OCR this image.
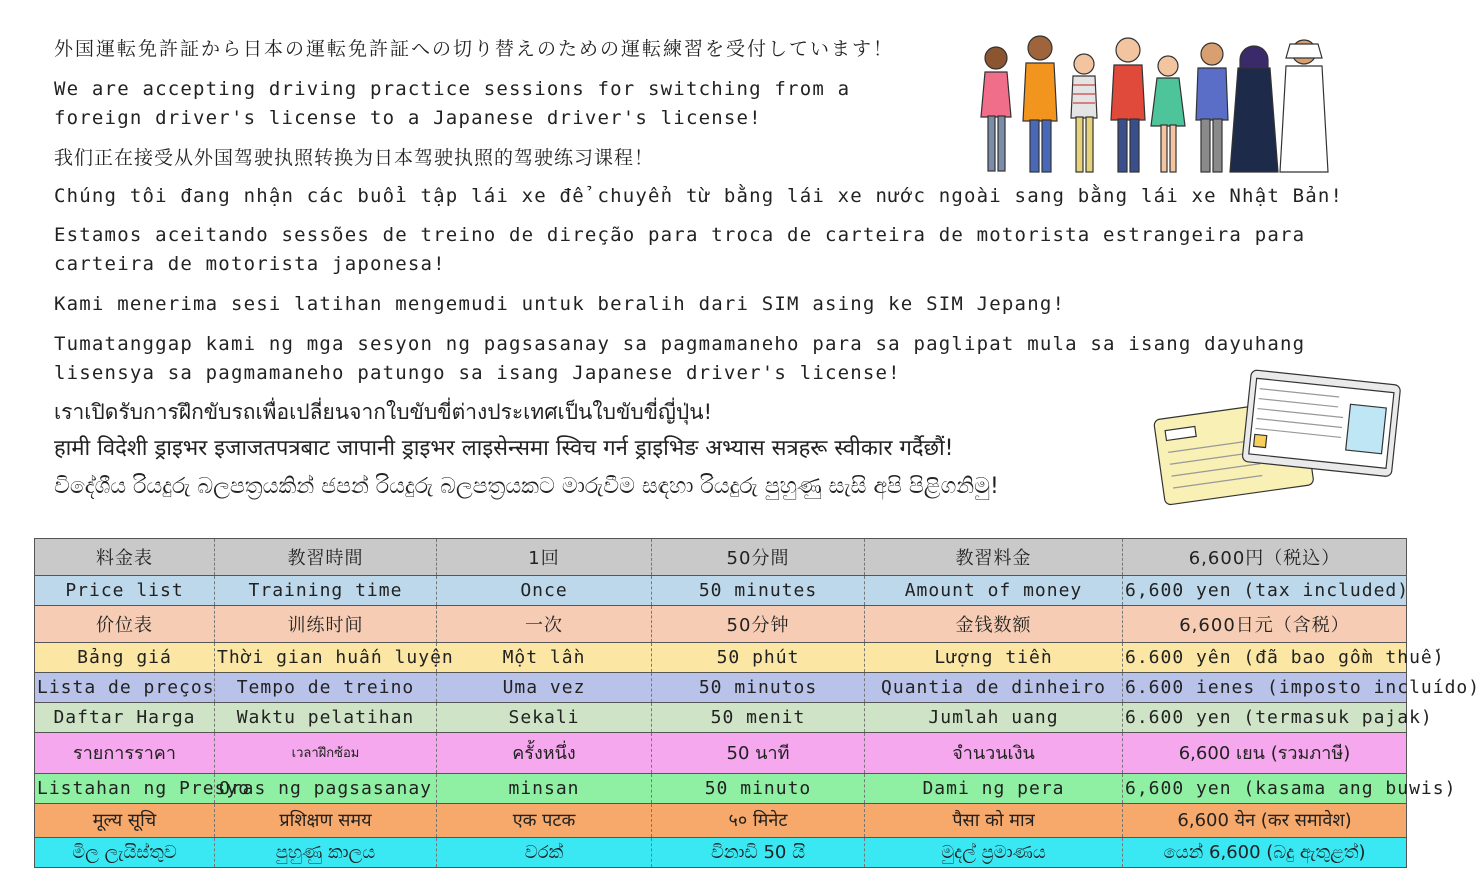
外国運転免許証から日本の運転免許証への切り替えのための運転練習を受付しています！
We are accepting driving practice sessions for switching from a foreign driver's license to a Japanese driver's license!
我们正在接受从外国驾驶执照转换为日本驾驶执照的驾驶练习课程！
Chúng tôi đang nhận các buổi tập lái xe để chuyển từ bằng lái xe nước ngoài sang bằng lái xe Nhật Bản!
Estamos aceitando sessões de treino de direção para troca de carteira de motorista estrangeira para carteira de motorista japonesa!
Kami menerima sesi latihan mengemudi untuk beralih dari SIM asing ke SIM Jepang!
Tumatanggap kami ng mga sesyon ng pagsasanay sa pagmamaneho para sa paglipat mula sa isang dayuhang lisensya sa pagmamaneho patungo sa isang Japanese driver's license!
เราเปิดรับการฝึกขับรถเพื่อเปลี่ยนจากใบขับขี่ต่างประเทศเป็นใบขับขี่ญี่ปุ่น!
हामी विदेशी ड्राइभर इजाजतपत्रबाट जापानी ड्राइभर लाइसेन्समा स्विच गर्न ड्राइभिङ अभ्यास सत्रहरू स्वीकार गर्दैछौं!
විදේශීය රියදුරු බලපත්‍රයකින් ජපන් රියදුරු බලපත්‍රයකට මාරුවීම සඳහා රියදුරු පුහුණු සැසි අපි පිළිගනිමු!
料金表	教習時間	1回	50分間	教習料金	6,600円（税込）
Price list	Training time	Once	50 minutes	Amount of money	6,600 yen (tax included)
价位表	训练时间	一次	50分钟	金钱数额	6,600日元（含税）
Bảng giá	Thời gian huấn luyện	Một lần	50 phút	Lượng tiền	6.600 yên (đã bao gồm thuế)
Lista de preços	Tempo de treino	Uma vez	50 minutos	Quantia de dinheiro	6.600 ienes (imposto incluído)
Daftar Harga	Waktu pelatihan	Sekali	50 menit	Jumlah uang	6.600 yen (termasuk pajak)
รายการราคา	เวลาฝึกซ้อม	ครั้งหนึ่ง	50 นาที	จำนวนเงิน	6,600 เยน (รวมภาษี)
Listahan ng Presyo	Oras ng pagsasanay	minsan	50 minuto	Dami ng pera	6,600 yen (kasama ang buwis)
मूल्य सूचि	प्रशिक्षण समय	एक पटक	५० मिनेट	पैसा को मात्र	6,600 येन (कर समावेश)
මිල ලැයිස්තුව	පුහුණු කාලය	වරක්	විනාඩි 50 යි	මුදල් ප්‍රමාණය	යෙන් 6,600 (බදු ඇතුළත්)
